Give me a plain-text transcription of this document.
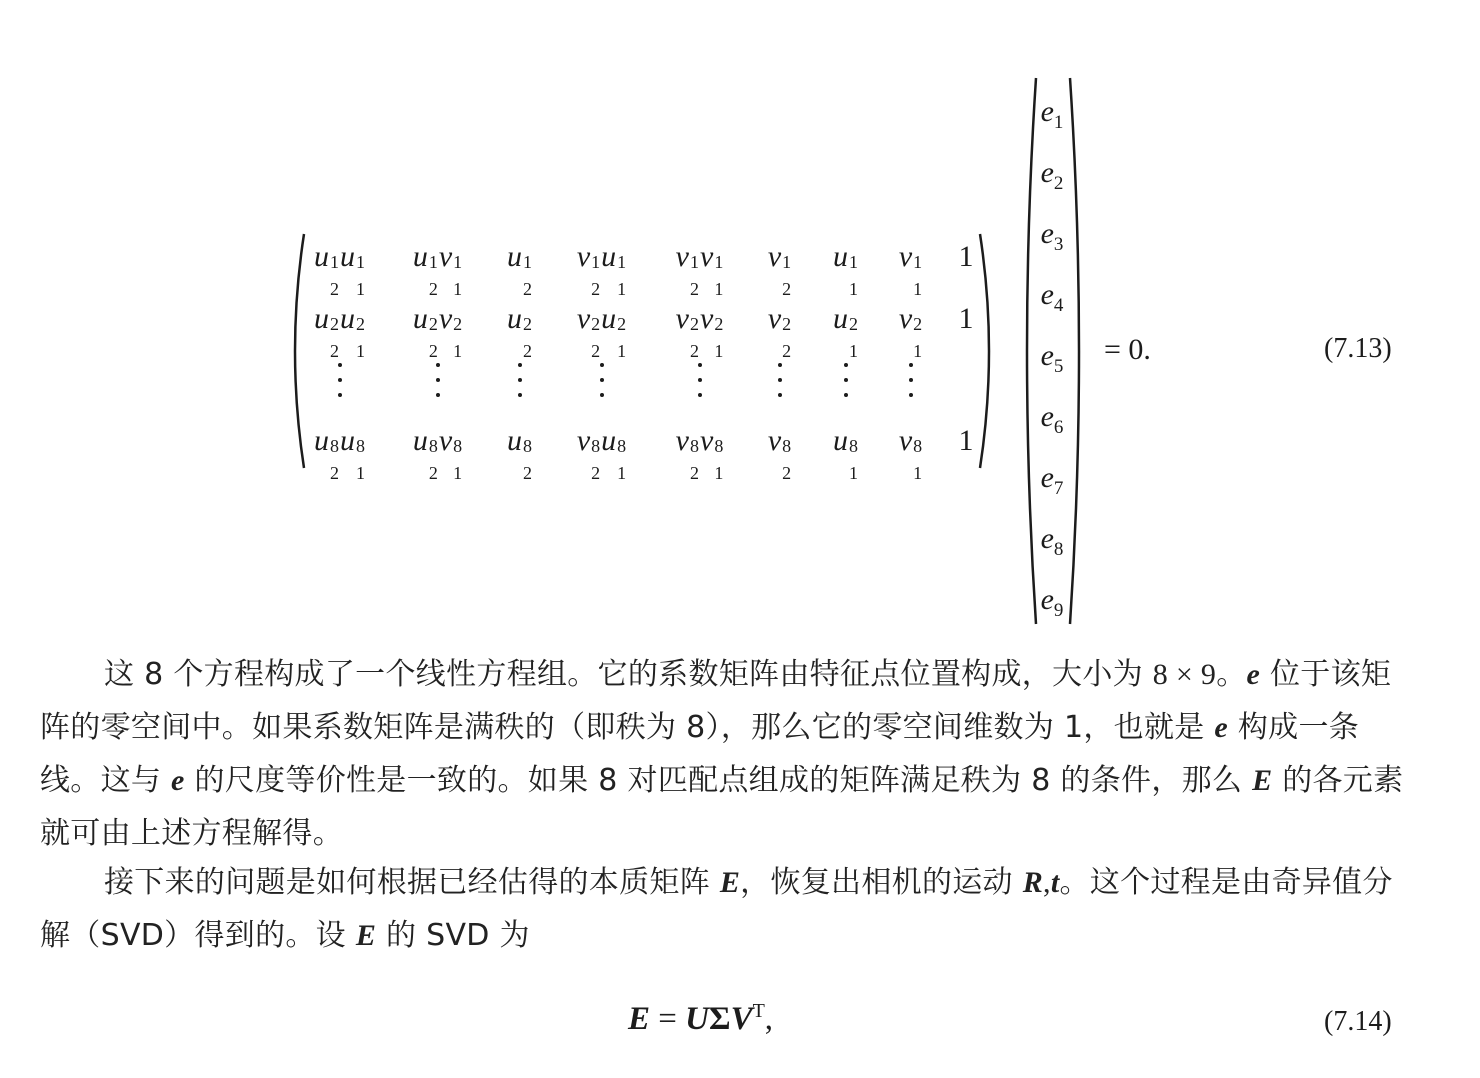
u 1
2
u 1
1
u 1
2
v 1
1
u 1
2
v 1
2
u 1
1
v 1
2
v 1
1
v 1
2
u 1
1
v 1
1
1
u 2
2
u 2
1
u 2
2
v 2
1
u 2
2
v 2
2
u 2
1
v 2
2
v 2
1
v 2
2
u 2
1
v 2
1
1
u 8
2
u 8
1
u 8
2
v 8
1
u 8
2
v 8
2
u 8
1
v 8
2
v 8
1
v 8
2
u 8
1
v 8
1
1
$e_1$
$e_2$
$e_3$
$e_4$
$e_5$
$e_6$
$e_7$
$e_8$
$e_9$
= 0.	(7.13)

这 8 个方程构成了一个线性方程组。它的系数矩阵由特征点位置构成，大小为 8 × 9。e 位于该矩阵的零空间中。如果系数矩阵是满秩的（即秩为 8），那么它的零空间维数为 1，也就是 e 构成一条线。这与 e 的尺度等价性是一致的。如果 8 对匹配点组成的矩阵满足秩为 8 的条件，那么 E 的各元素就可由上述方程解得。

接下来的问题是如何根据已经估得的本质矩阵 E，恢复出相机的运动 R,t。这个过程是由奇异值分解（SVD）得到的。设 E 的 SVD 为

$E = U\Sigma V^T$,	(7.14)
